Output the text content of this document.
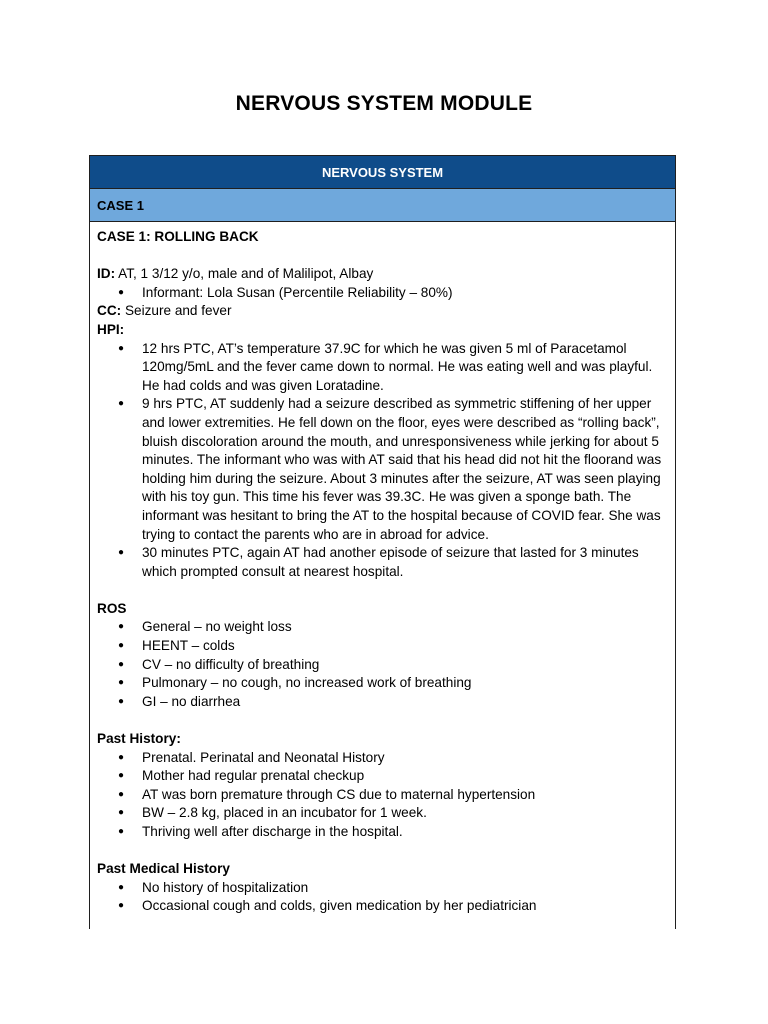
NERVOUS SYSTEM MODULE
NERVOUS SYSTEM
CASE 1
CASE 1: ROLLING BACK
ID: AT, 1 3/12 y/o, male and of Malilipot, Albay
● Informant: Lola Susan (Percentile Reliability – 80%)
CC: Seizure and fever
HPI:
● 12 hrs PTC, AT’s temperature 37.9C for which he was given 5 ml of Paracetamol
120mg/5mL and the fever came down to normal. He was eating well and was playful.
He had colds and was given Loratadine.
● 9 hrs PTC, AT suddenly had a seizure described as symmetric stiffening of her upper
and lower extremities. He fell down on the floor, eyes were described as “rolling back”,
bluish discoloration around the mouth, and unresponsiveness while jerking for about 5
minutes. The informant who was with AT said that his head did not hit the floorand was
holding him during the seizure. About 3 minutes after the seizure, AT was seen playing
with his toy gun. This time his fever was 39.3C. He was given a sponge bath. The
informant was hesitant to bring the AT to the hospital because of COVID fear. She was
trying to contact the parents who are in abroad for advice.
● 30 minutes PTC, again AT had another episode of seizure that lasted for 3 minutes
which prompted consult at nearest hospital.
ROS
● General – no weight loss
● HEENT – colds
● CV – no difficulty of breathing
● Pulmonary – no cough, no increased work of breathing
● GI – no diarrhea
Past History:
● Prenatal. Perinatal and Neonatal History
● Mother had regular prenatal checkup
● AT was born premature through CS due to maternal hypertension
● BW – 2.8 kg, placed in an incubator for 1 week.
● Thriving well after discharge in the hospital.
Past Medical History
● No history of hospitalization
● Occasional cough and colds, given medication by her pediatrician
